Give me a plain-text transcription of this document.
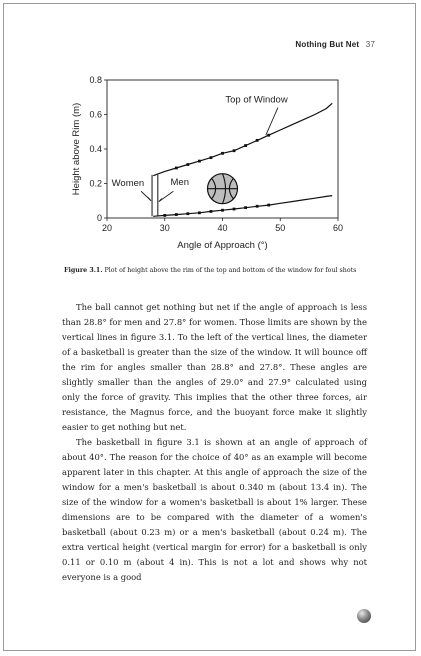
Nothing But Net 37
20	30	40	50	60
0
0.2
0.4
0.6
0.8
Angle of Approach (°)
Height above Rim (m)
Top of Window
Women	Men
Figure 3.1. Plot of height above the rim of the top and bottom of the window for foul shots

The ball cannot get nothing but net if the angle of approach is less than 28.8° for men and 27.8° for women. Those limits are shown by the vertical lines in figure 3.1. To the left of the vertical lines, the diameter of a basketball is greater than the size of the window. It will bounce off the rim for angles smaller than 28.8° and 27.8°. These angles are slightly smaller than the angles of 29.0° and 27.9° calculated using only the force of gravity. This implies that the other three forces, air resistance, the Magnus force, and the buoyant force make it slightly easier to get nothing but net.

The basketball in figure 3.1 is shown at an angle of approach of about 40°. The reason for the choice of 40° as an example will become apparent later in this chapter. At this angle of approach the size of the window for a men's basketball is about 0.340 m (about 13.4 in). The size of the window for a women's basketball is about 1% larger. These dimensions are to be compared with the diameter of a women's basketball (about 0.23 m) or a men's basketball (about 0.24 m). The extra vertical height (vertical margin for error) for a basketball is only 0.11 or 0.10 m (about 4 in). This is not a lot and shows why not everyone is a good
